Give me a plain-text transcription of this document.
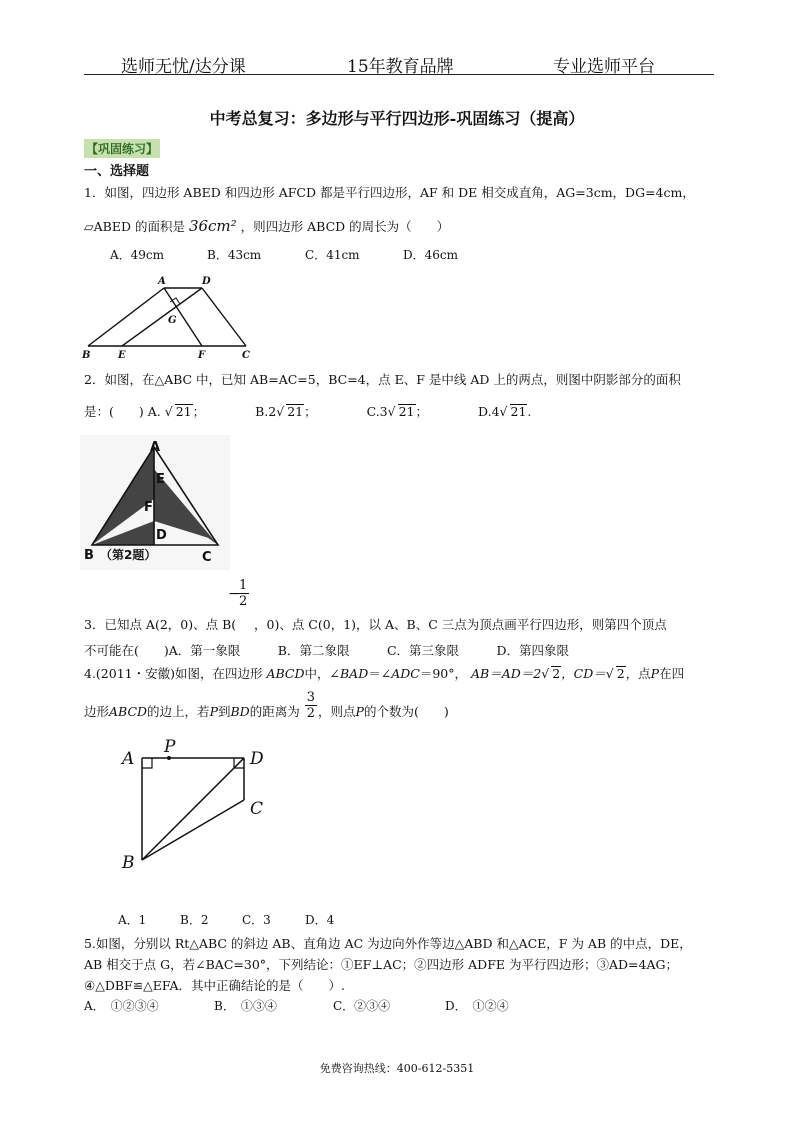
选师无忧/达分课	15年教育品牌	专业选师平台
中考总复习：多边形与平行四边形-巩固练习（提高）
【巩固练习】
一、选择题
1．如图，四边形 ABED 和四边形 AFCD 都是平行四边形，AF 和 DE 相交成直角，AG=3cm，DG=4cm，
▱ABED 的面积是 36cm² ，则四边形 ABCD 的周长为（　　）
A．49cm	B．43cm	C．41cm	D．46cm
A	D
G
B	E	F	C
2．如图，在△ABC 中，已知 AB=AC=5，BC=4，点 E、F 是中线 AD 上的两点，则图中阴影部分的面积
是：(　　) A. √ 21；	B.2√ 21；	C.3√ 21；	D.4√ 21.
A
E
F
D
B	C
（第2题）
−
$\frac{1}{2}$
3．已知点 A(2，0)、点 B( ，0)、点 C(0，1)，以 A、B、C 三点为顶点画平行四边形，则第四个顶点
不可能在(　　)A．第一象限　　　B．第二象限　　　C．第三象限　　　D．第四象限
4.(2011・安徽)如图，在四边形 ABCD中，∠BAD＝∠ADC＝90°， AB＝AD＝2√ 2，CD＝√ 2，点P在四
边形ABCD的边上，若P到BD的距离为 $\frac{3}{2}$ ，则点P的个数为(　　)
A
P
D
C
B
A．1	B．2	C．3	D．4
5.如图，分别以 Rt△ABC 的斜边 AB、直角边 AC 为边向外作等边△ABD 和△ACE，F 为 AB 的中点，DE，
AB 相交于点 G，若∠BAC=30°，下列结论：①EF⊥AC；②四边形 ADFE 为平行四边形；③AD=4AG；
④△DBF≌△EFA．其中正确结论的是（　　）.
A．　①②③④	B．　①③④	C．②③④	D．　①②④
免费咨询热线：400-612-5351
